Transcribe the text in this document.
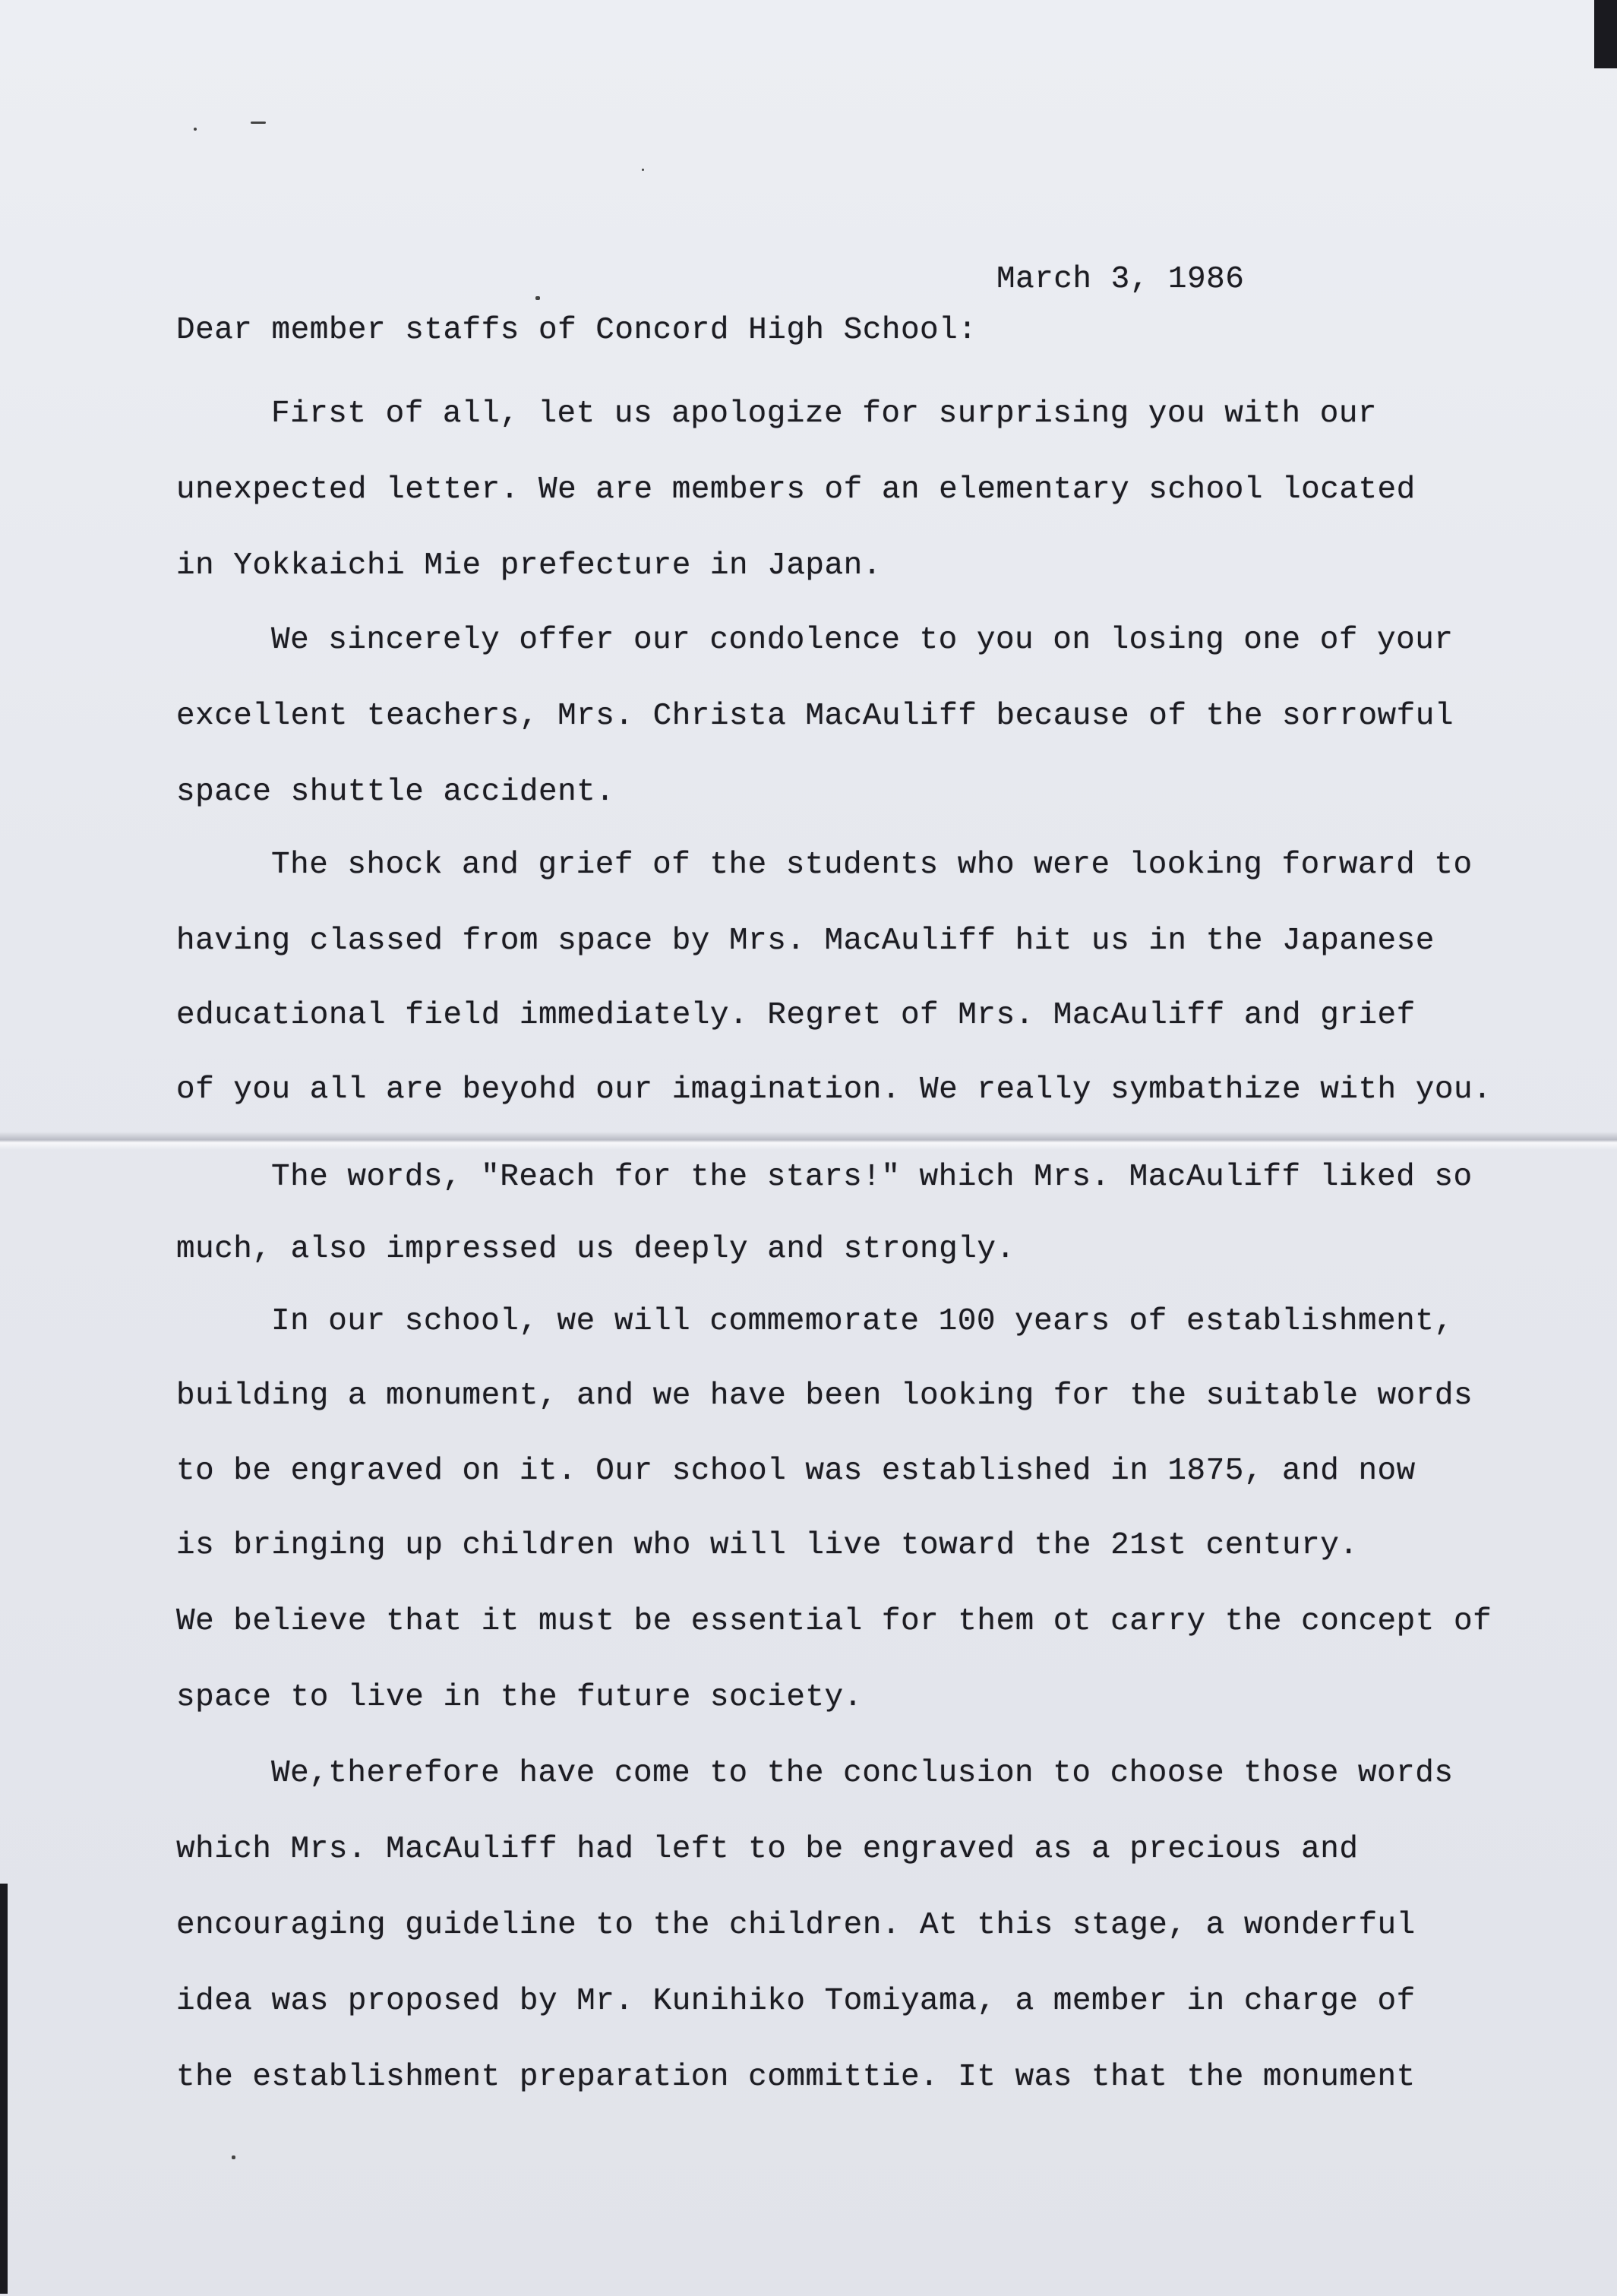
March 3, 1986
Dear member staffs of Concord High School:
First of all, let us apologize for surprising you with our
unexpected letter. We are members of an elementary school located
in Yokkaichi Mie prefecture in Japan.
We sincerely offer our condolence to you on losing one of your
excellent teachers, Mrs. Christa MacAuliff because of the sorrowful
space shuttle accident.
The shock and grief of the students who were looking forward to
having classed from space by Mrs. MacAuliff hit us in the Japanese
educational field immediately. Regret of Mrs. MacAuliff and grief
of you all are beyohd our imagination. We really symbathize with you.
The words, "Reach for the stars!" which Mrs. MacAuliff liked so
much, also impressed us deeply and strongly.
In our school, we will commemorate 100 years of establishment,
building a monument, and we have been looking for the suitable words
to be engraved on it. Our school was established in 1875, and now
is bringing up children who will live toward the 21st century.
We believe that it must be essential for them ot carry the concept of
space to live in the future society.
We,therefore have come to the conclusion to choose those words
which Mrs. MacAuliff had left to be engraved as a precious and
encouraging guideline to the children. At this stage, a wonderful
idea was proposed by Mr. Kunihiko Tomiyama, a member in charge of
the establishment preparation committie. It was that the monument
